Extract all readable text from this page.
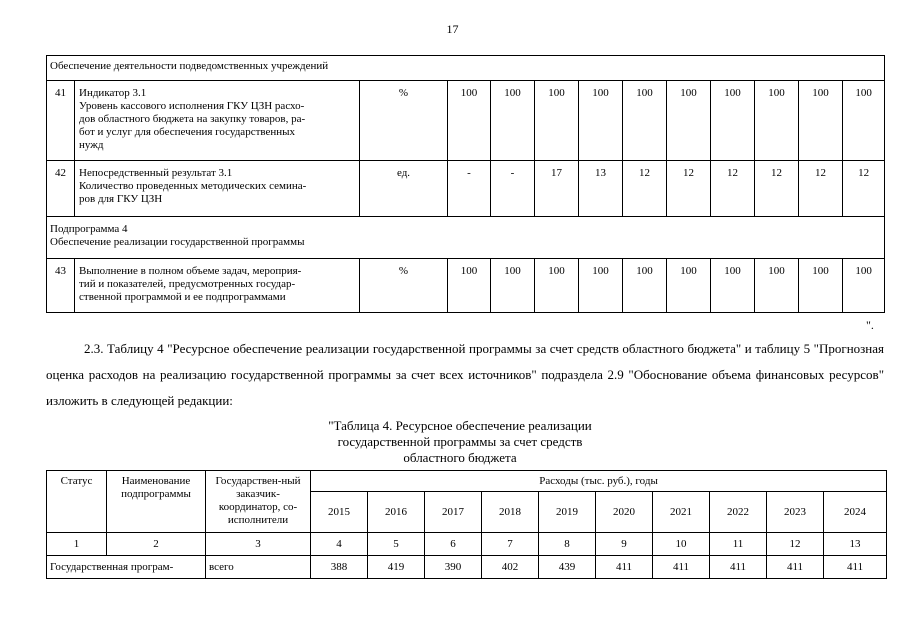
17
Обеспечение деятельности подведомственных учреждений												
41	Индикатор 3.1
Уровень кассового исполнения ГКУ ЦЗН расхо-
дов областного бюджета на закупку товаров, ра-
бот и услуг для обеспечения государственных
нужд	%	100	100	100	100	100	100	100	100	100	100
42	Непосредственный результат 3.1
Количество проведенных методических семина-
ров для ГКУ ЦЗН	ед.	-	-	17	13	12	12	12	12	12	12

Подпрограмма 4
Обеспечение реализации государственной программы												

43	Выполнение в полном объеме задач, мероприя-
тий и показателей, предусмотренных государ-
ственной программой и ее подпрограммами	%	100	100	100	100	100	100	100	100	100	100
".
2.3. Таблицу 4 "Ресурсное обеспечение реализации государственной программы за счет средств областного бюджета" и таблицу 5 "Прогнозная оценка расходов на реализацию государственной программы за счет всех источников" подраздела 2.9 "Обоснование объема финансовых ресурсов" изложить в следующей редакции:
"Таблица 4. Ресурсное обеспечение реализации
государственной программы за счет средств
областного бюджета
Статус	Наименование подпрограммы	Государствен-ный заказчик-координатор, со-исполнители	Расходы (тыс. руб.), годы									
			2015	2016	2017	2018	2019	2020	2021	2022	2023	2024
1	2	3	4	5	6	7	8	9	10	11	12	13
Государственная програм-		всего	388	419	390	402	439	411	411	411	411	411
